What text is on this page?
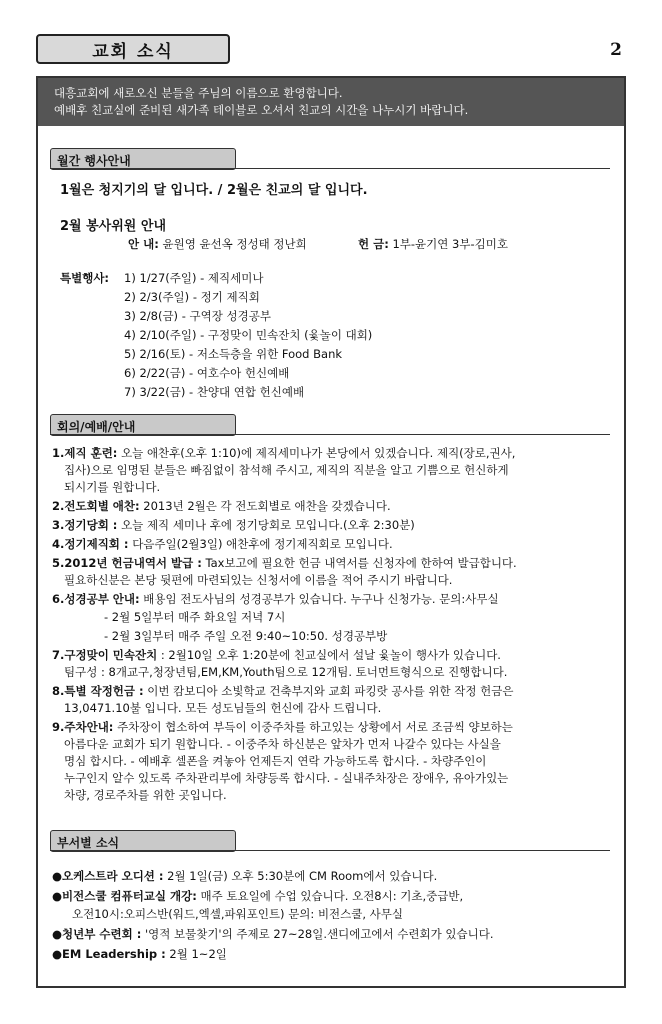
교회 소식	2
대흥교회에 새로오신 분들을 주님의 이름으로 환영합니다.
예배후 친교실에 준비된 새가족 테이블로 오셔서 친교의 시간을 나누시기 바랍니다.
월간 행사안내
1월은 청지기의 달 입니다. / 2월은 친교의 달 입니다.
2월 봉사위원 안내
안 내: 윤원영 윤선옥 정성태 정난희	헌 금: 1부-윤기연 3부-김미호
특별행사: 1) 1/27(주일) - 제직세미나
2) 2/3(주일) - 정기 제직회
3) 2/8(금) - 구역장 성경공부
4) 2/10(주일) - 구정맞이 민속잔치 (윷놀이 대회)
5) 2/16(토) - 저소득층을 위한 Food Bank
6) 2/22(금) - 여호수아 헌신예배
7) 3/22(금) - 찬양대 연합 헌신예배
회의/예배/안내
1.제직 훈련: 오늘 애찬후(오후 1:10)에 제직세미나가 본당에서 있겠습니다. 제직(장로,권사,
집사)으로 임명된 분들은 빠짐없이 참석해 주시고, 제직의 직분을 알고 기쁨으로 헌신하게
되시기를 원합니다.
2.전도회별 애찬: 2013년 2월은 각 전도회별로 애찬을 갖겠습니다.
3.정기당회 : 오늘 제직 세미나 후에 정기당회로 모입니다.(오후 2:30분)
4.정기제직회 : 다음주일(2월3일) 애찬후에 정기제직회로 모입니다.
5.2012년 헌금내역서 발급 : Tax보고에 필요한 헌금 내역서를 신청자에 한하여 발급합니다.
필요하신분은 본당 뒷편에 마련되있는 신청서에 이름을 적어 주시기 바랍니다.
6.성경공부 안내: 배용임 전도사님의 성경공부가 있습니다. 누구나 신청가능. 문의:사무실
- 2월 5일부터 매주 화요일 저녁 7시
- 2월 3일부터 매주 주일 오전 9:40~10:50. 성경공부방
7.구정맞이 민속잔치 : 2월10일 오후 1:20분에 친교실에서 설날 윷놀이 행사가 있습니다.
팀구성 : 8개교구,청장년팀,EM,KM,Youth팀으로 12개팀. 토너먼트형식으로 진행합니다.
8.특별 작정헌금 : 이번 캄보디아 소빛학교 건축부지와 교회 파킹랏 공사를 위한 작정 헌금은
13,0471.10불 입니다. 모든 성도님들의 헌신에 감사 드립니다.
9.주차안내: 주차장이 협소하여 부득이 이중주차를 하고있는 상황에서 서로 조금씩 양보하는
아름다운 교회가 되기 원합니다. - 이중주차 하신분은 앞차가 먼저 나갈수 있다는 사실을
명심 합시다. - 예배후 셀폰을 켜놓아 언제든지 연락 가능하도록 합시다. - 차량주인이
누구인지 알수 있도록 주차관리부에 차량등록 합시다. - 실내주차장은 장애우, 유아가있는
차량, 경로주차를 위한 곳입니다.
부서별 소식
●오케스트라 오디션 : 2월 1일(금) 오후 5:30분에 CM Room에서 있습니다.
●비전스쿨 컴퓨터교실 개강: 매주 토요일에 수업 있습니다. 오전8시: 기초,중급반,
오전10시:오피스반(워드,엑셀,파워포인트) 문의: 비전스쿨, 사무실
●청년부 수련회 : '영적 보물찾기'의 주제로 27~28일.샌디에고에서 수련회가 있습니다.
●EM Leadership : 2월 1~2일
